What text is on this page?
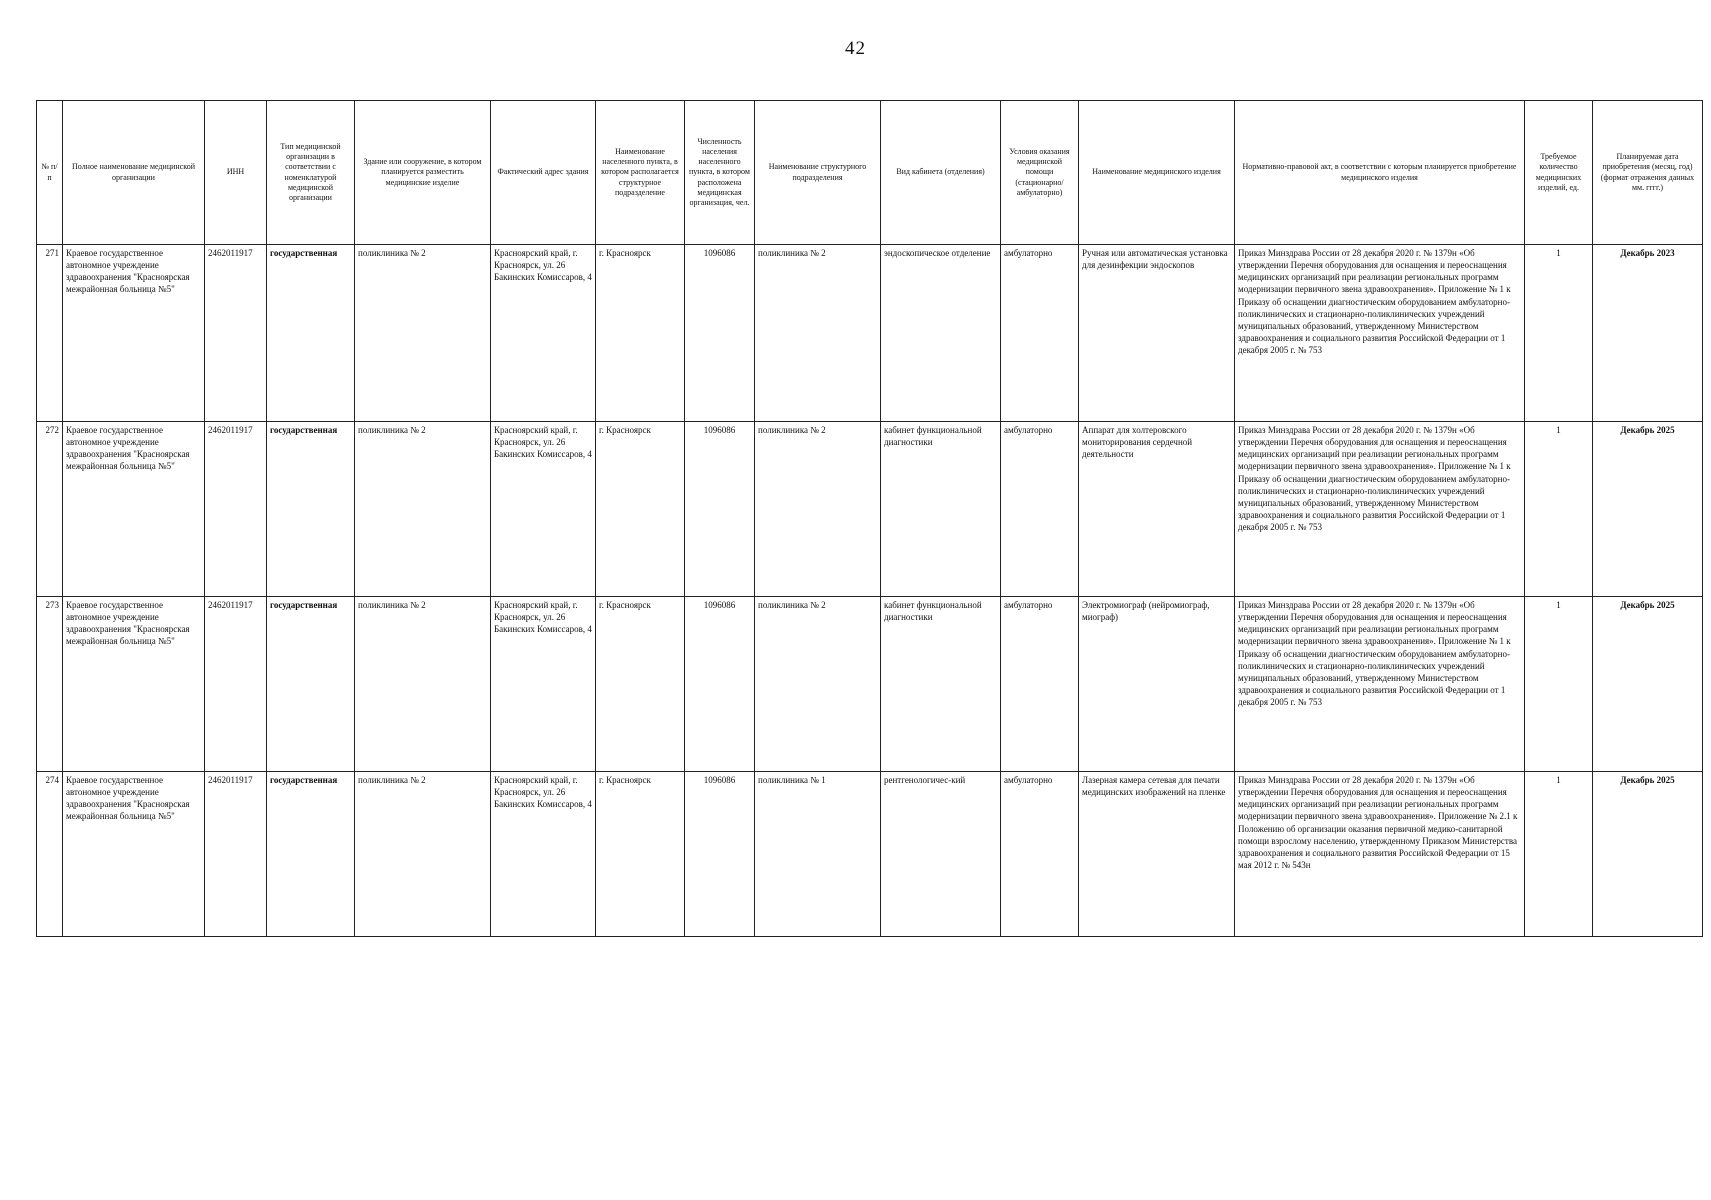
42
№ п/п	Полное наименование медицинской организации	ИНН	Тип медицинской организации в соответствии с номенклатурой медицинской организации	Здание или сооружение, в котором планируется разместить медицинские изделие	Фактический адрес здания	Наименование населенного пункта, в котором располагается структурное подразделение	Численность населения населенного пункта, в котором расположена медицинская организация, чел.	Наименование структурного подразделения	Вид кабинета (отделения)	Условия оказания медицинской помощи (стационарно/амбулаторно)	Наименование медицинского изделия	Нормативно-правовой акт, в соответствии с которым планируется приобретение медицинского изделия	Требуемое количество медицинских изделий, ед.	Планируемая дата приобретения (месяц, год) (формат отражения данных мм. гггг.)
271	Краевое государственное автономное учреждение здравоохранения "Красноярская межрайонная больница №5"	2462011917	государственная	поликлиника № 2	Красноярский край, г. Красноярск, ул. 26 Бакинских Комиссаров, 4	г. Красноярск	1096086	поликлиника № 2	эндоскопическое отделение	амбулаторно	Ручная или автоматическая установка для дезинфекции эндоскопов	Приказ Минздрава России от 28 декабря 2020 г. № 1379н «Об утверждении Перечня оборудования для оснащения и переоснащения медицинских организаций при реализации региональных программ модернизации первичного звена здравоохранения». Приложение № 1 к Приказу об оснащении диагностическим оборудованием амбулаторно-поликлинических и стационарно-поликлинических учреждений муниципальных образований, утвержденному Министерством здравоохранения и социального развития Российской Федерации от 1 декабря 2005 г. № 753	1	Декабрь 2023
272	Краевое государственное автономное учреждение здравоохранения "Красноярская межрайонная больница №5"	2462011917	государственная	поликлиника № 2	Красноярский край, г. Красноярск, ул. 26 Бакинских Комиссаров, 4	г. Красноярск	1096086	поликлиника № 2	кабинет функциональной диагностики	амбулаторно	Аппарат для холтеровского мониторирования сердечной деятельности	Приказ Минздрава России от 28 декабря 2020 г. № 1379н «Об утверждении Перечня оборудования для оснащения и переоснащения медицинских организаций при реализации региональных программ модернизации первичного звена здравоохранения». Приложение № 1 к Приказу об оснащении диагностическим оборудованием амбулаторно-поликлинических и стационарно-поликлинических учреждений муниципальных образований, утвержденному Министерством здравоохранения и социального развития Российской Федерации от 1 декабря 2005 г. № 753	1	Декабрь 2025
273	Краевое государственное автономное учреждение здравоохранения "Красноярская межрайонная больница №5"	2462011917	государственная	поликлиника № 2	Красноярский край, г. Красноярск, ул. 26 Бакинских Комиссаров, 4	г. Красноярск	1096086	поликлиника № 2	кабинет функциональной диагностики	амбулаторно	Электромиограф (нейромиограф, миограф)	Приказ Минздрава России от 28 декабря 2020 г. № 1379н «Об утверждении Перечня оборудования для оснащения и переоснащения медицинских организаций при реализации региональных программ модернизации первичного звена здравоохранения». Приложение № 1 к Приказу об оснащении диагностическим оборудованием амбулаторно-поликлинических и стационарно-поликлинических учреждений муниципальных образований, утвержденному Министерством здравоохранения и социального развития Российской Федерации от 1 декабря 2005 г. № 753	1	Декабрь 2025
274	Краевое государственное автономное учреждение здравоохранения "Красноярская межрайонная больница №5"	2462011917	государственная	поликлиника № 2	Красноярский край, г. Красноярск, ул. 26 Бакинских Комиссаров, 4	г. Красноярск	1096086	поликлиника № 1	рентгенологичес-кий	амбулаторно	Лазерная камера сетевая для печати медицинских изображений на пленке	Приказ Минздрава России от 28 декабря 2020 г. № 1379н «Об утверждении Перечня оборудования для оснащения и переоснащения медицинских организаций при реализации региональных программ модернизации первичного звена здравоохранения». Приложение № 2.1 к Положению об организации оказания первичной медико-санитарной помощи взрослому населению, утвержденному Приказом Министерства здравоохранения и социального развития Российской Федерации от 15 мая 2012 г. № 543н	1	Декабрь 2025
